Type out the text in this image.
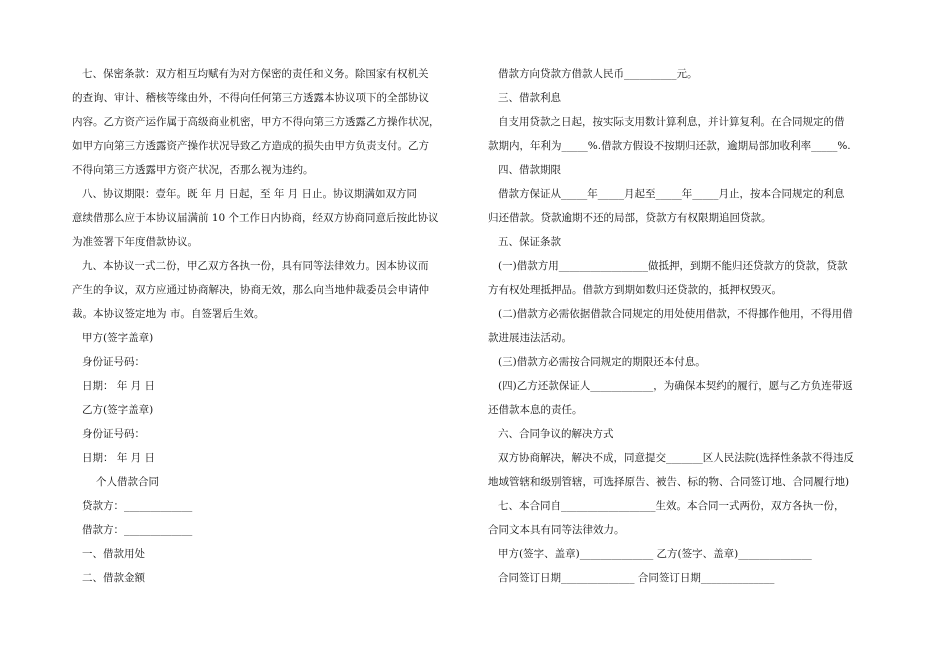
七、保密条款：双方相互均赋有为对方保密的责任和义务。除国家有权机关
的查询、审计、稽核等缘由外，不得向任何第三方透露本协议项下的全部协议
内容。乙方资产运作属于高级商业机密，甲方不得向第三方透露乙方操作状况，
如甲方向第三方透露资产操作状况导致乙方造成的损失由甲方负责支付。乙方
不得向第三方透露甲方资产状况，否那么视为违约。
八、协议期限：壹年。既 年 月 日起，至 年 月 日止。协议期满如双方同
意续借那么应于本协议届满前 10 个工作日内协商，经双方协商同意后按此协议
为准签署下年度借款协议。
九、本协议一式二份，甲乙双方各执一份，具有同等法律效力。因本协议而
产生的争议，双方应通过协商解决，协商无效，那么向当地仲裁委员会申请仲
裁。本协议签定地为 市。自签署后生效。
甲方(签字盖章)
身份证号码：
日期： 年 月 日
乙方(签字盖章)
身份证号码：
日期： 年 月 日
个人借款合同
贷款方：_____________
借款方：_____________
一、借款用处
二、借款金额
借款方向贷款方借款人民币__________元。
三、借款利息
自支用贷款之日起，按实际支用数计算利息，并计算复利。在合同规定的借
款期内，年利为_____%.借款方假设不按期归还款，逾期局部加收利率_____%.
四、借款期限
借款方保证从_____年_____月起至_____年_____月止，按本合同规定的利息
归还借款。贷款逾期不还的局部，贷款方有权限期追回贷款。
五、保证条款
(一)借款方用_________________做抵押，到期不能归还贷款方的贷款，贷款
方有权处理抵押品。借款方到期如数归还贷款的，抵押权毁灭。
(二)借款方必需依据借款合同规定的用处使用借款，不得挪作他用，不得用借
款进展违法活动。
(三)借款方必需按合同规定的期限还本付息。
(四)乙方还款保证人____________，为确保本契约的履行，愿与乙方负连带返
还借款本息的责任。
六、合同争议的解决方式
双方协商解决，解决不成，同意提交_______区人民法院(选择性条款不得违反
地域管辖和级别管辖，可选择原告、被告、标的物、合同签订地、合同履行地)
七、本合同自__________________生效。本合同一式两份，双方各执一份，
合同文本具有同等法律效力。
甲方(签字、盖章)______________ 乙方(签字、盖章)______________
合同签订日期______________ 合同签订日期______________
